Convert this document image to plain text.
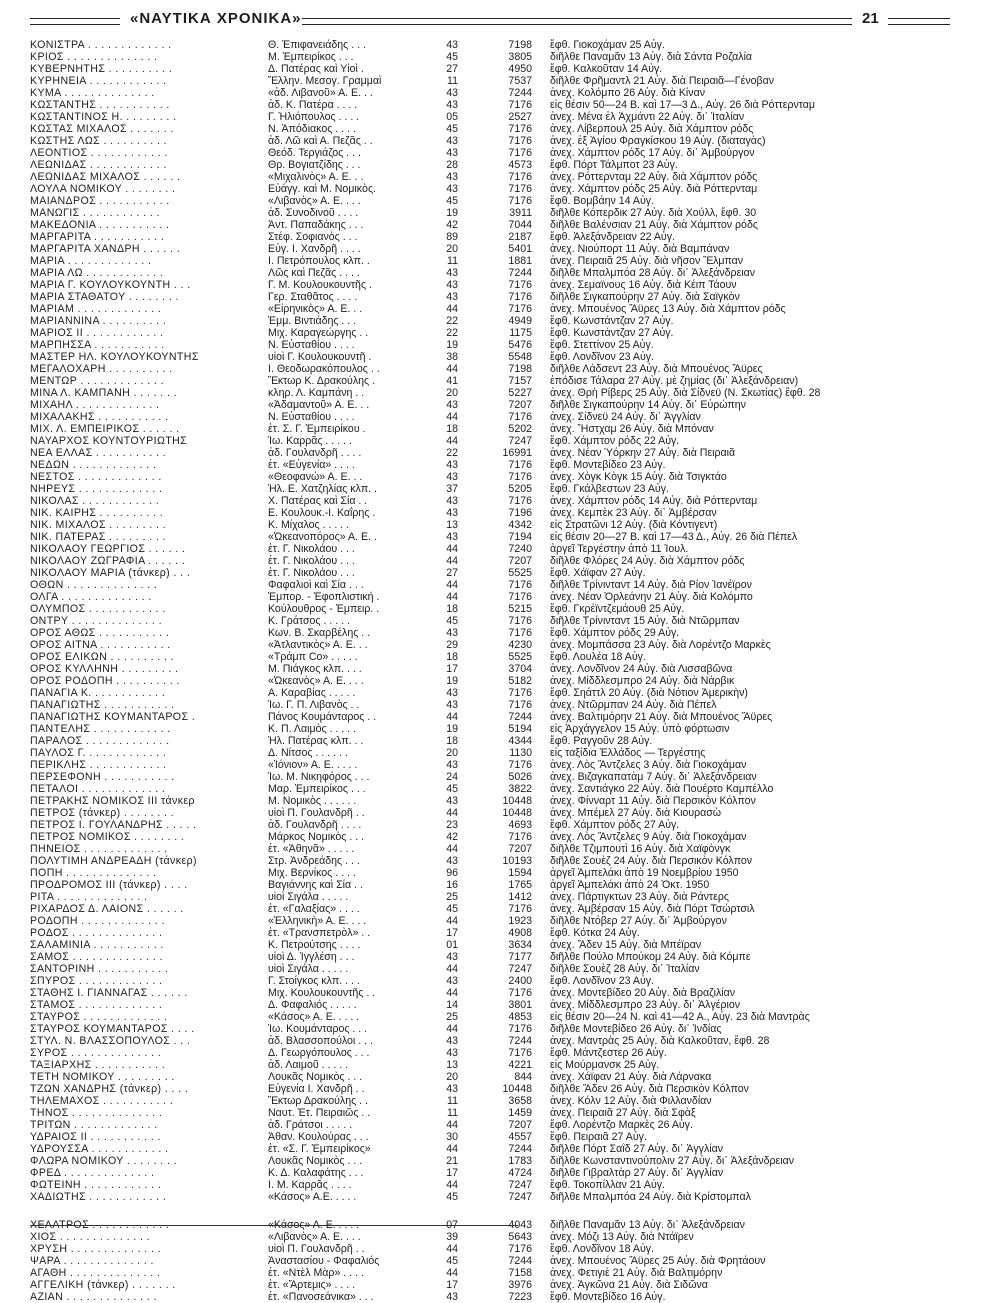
«ΝΑΥΤΙΚΑ ΧΡΟΝΙΚΑ»	21
ΚΟΝΙΣΤΡΑ . . . . . . . . . . . . .	Θ. Ἐπιφανειάδης . . .	43	7198 ἔφθ. Γιοκοχάμαν 25 Αὐγ.
ΚΡΙΟΣ . . . . . . . . . . . . . .	Μ. Ἐμπειρίκος . . .	45	3805 διῆλθε Παναμᾶν 13 Αὐγ. διὰ Σάντα Ροζαλία
ΚΥΒΕΡΝΗΤΗΣ . . . . . . . . . .	Δ. Πατέρας καὶ Υἱοὶ .	27	4950 ἔφθ. Καλκοῦταν 14 Αὐγ.
ΚΥΡΗΝΕΙΑ . . . . . . . . . . . .	Ἕλλην. Μεσογ. Γραμμαὶ	11	7537 διῆλθε Φρῆμαντλ 21 Αὐγ. διὰ Πειραιᾶ—Γένοβαν
ΚΥΜΑ . . . . . . . . . . . . . .	«ἀδ. Λιβανοῦ» Α. Ε. . .	43	7244 ἀνεχ. Κολόμπο 26 Αὐγ. διὰ Κίναν
ΚΩΣΤΑΝΤΗΣ . . . . . . . . . . .	ἀδ. Κ. Πατέρα . . . .	43	7176 εἰς θέσιν 50—24 Β. καὶ 17—3 Δ., Αὐγ. 26 διὰ Ρόττερνταμ
ΚΩΣΤΑΝΤΙΝΟΣ Η. . . . . . . . .	Γ. Ἡλιόπουλος . . . .	05	2527 ἀνεχ. Μένα ἐλ Ἀχμάντι 22 Αὐγ. δι᾽ Ἰταλίαν
ΚΩΣΤΑΣ ΜΙΧΑΛΟΣ . . . . . . .	Ν. Ἀπόδιακος . . . .	45	7176 ἀνεχ. Λίβερπουλ 25 Αὐγ. διὰ Χάμπτον ρόδς
ΚΩΣΤΗΣ ΛΩΣ . . . . . . . . . .	ἀδ. Λῶ καὶ Α. Πεζᾶς . .	43	7176 ἀνεχ. ἐξ Ἁγίου Φραγκίσκου 19 Αὐγ. (διαταγὰς)
ΛΕΟΝΤΙΟΣ . . . . . . . . . . . .	Θεόδ. Τεργιάζος . . .	43	7176 ἀνεχ. Χάμπτον ρόδς 17 Αὐγ. δι᾽ Ἀμβούργον
ΛΕΩΝΙΔΑΣ . . . . . . . . . . . .	Θρ. Βογιατζίδης . . .	28	4573 ἔφθ. Πόρτ Τάλμποτ 23 Αὐγ.
ΛΕΩΝΙΔΑΣ ΜΙΧΑΛΟΣ . . . . . .	«Μιχαλινὸς» Α. Ε. . .	43	7176 ἀνεχ. Ρόττερνταμ 22 Αὐγ. διὰ Χάμπτον ρόδς
ΛΟΥΛΑ ΝΟΜΙΚΟΥ . . . . . . . .	Εὐάγγ. καὶ Μ. Νομικὸς.	43	7176 ἀνεχ. Χάμπτον ρόδς 25 Αὐγ. διὰ Ρόττερνταμ
ΜΑΙΑΝΔΡΟΣ . . . . . . . . . . .	«Λιβανὸς» Α. Ε. . . .	45	7176 ἔφθ. Βομβάην 14 Αὐγ.
ΜΑΝΩΓΙΣ . . . . . . . . . . . .	ἀδ. Συνοδινοῦ . . . .	19	3911 διῆλθε Κόπερδικ 27 Αὐγ. διὰ Χούλλ, ἔφθ. 30
ΜΑΚΕΔΟΝΙΑ . . . . . . . . . . .	Ἀντ. Παπαδάκης . . .	42	7044 διῆλθε Βαλένσιαν 21 Αὐγ. διὰ Χάμπτον ρόδς
ΜΑΡΓΑΡΙΤΑ . . . . . . . . . . .	Στέφ. Σοφιανὸς . . .	89	2187 ἔφθ. Ἀλεξάνδρειαν 22 Αὐγ.
ΜΑΡΓΑΡΙΤΑ ΧΑΝΔΡΗ . . . . . .	Εὐγ. Ι. Χανδρῆ . . . .	20	5401 ἀνεχ. Νιούπορτ 11 Αὐγ. διὰ Βαμπάναν
ΜΑΡΙΑ . . . . . . . . . . . . .	Ι. Πετρόπουλος κλπ. .	11	1881 ἀνεχ. Πειραιᾶ 25 Αὐγ. διὰ νῆσον Ἔλμπαν
ΜΑΡΙΑ ΛΩ . . . . . . . . . . . .	Λῶς καὶ Πεζᾶς . . . .	43	7244 διῆλθε Μπαλμπόα 28 Αὐγ. δι᾽ Ἀλεξάνδρειαν
ΜΑΡΙΑ Γ. ΚΟΥΛΟΥΚΟΥΝΤΗ . . .	Γ. Μ. Κουλουκουντῆς .	43	7176 ἀνεχ. Σεμαϊνους 16 Αὐγ. διὰ Κέιπ Τάουν
ΜΑΡΙΑ ΣΤΑΘΑΤΟΥ . . . . . . . .	Γερ. Σταθᾶτος . . . .	43	7176 διῆλθε Σιγκαπούρην 27 Αὐγ. διὰ Σαϊγκὸν
ΜΑΡΙΑΜ . . . . . . . . . . . . .	«Εἰρηνικὸς» Α. Ε. . .	44	7176 ἀνεχ. Μπουένος Ἄϋρες 13 Αὐγ. διὰ Χάμπτον ρόδς
ΜΑΡΙΑΝΝΙΝΑ . . . . . . . . . .	Ἐμμ. Βιντιάδης . . .	22	4949 ἔφθ. Κωνστάντζαν 27 Αὐγ.
ΜΑΡΙΟΣ ΙΙ . . . . . . . . . . . .	Μιχ. Καραγεώργης . .	22	1175 ἔφθ. Κωνστάντζαν 27 Αὐγ.
ΜΑΡΠΗΣΣΑ . . . . . . . . . . .	Ν. Εὐσταθίου . . . .	19	5476 ἔφθ. Στεττίνον 25 Αὐγ.
ΜΑΣΤΕΡ ΗΛ. ΚΟΥΛΟΥΚΟΥΝΤΗΣ	υἱοὶ Γ. Κουλουκουντῆ .	38	5548 ἔφθ. Λονδῖνον 23 Αὐγ.
ΜΕΓΑΛΟΧΑΡΗ . . . . . . . . . .	Ι. Θεοδωρακόπουλος . .	44	7198 διῆλθε Λάδσεντ 23 Αὐγ. διὰ Μπουένος Ἄϋρες
ΜΕΝΤΩΡ . . . . . . . . . . . . .	Ἕκτωρ Κ. Δρακούλης .	41	7157 ἐπόδισε Τάλαρα 27 Αὐγ. μὲ ζημίας (δι᾽ Ἀλεξάνδρειαν)
ΜΙΝΑ Λ. ΚΑΜΠΑΝΗ . . . . . . .	κληρ. Λ. Καμπάνη . .	20	5227 ἀνεχ. Θρὴ Ρίβερς 25 Αὐγ. διὰ Σίδνεϋ (Ν. Σκωτίας) ἔφθ. 28
ΜΙΧΑΗΛ . . . . . . . . . . . . .	«Ἀδαμαντοῦ» Α. Ε. . .	43	7207 διῆλθε Σιγκαπούρην 14 Αὐγ. δι᾽ Εὐρώπην
ΜΙΧΑΛΑΚΗΣ . . . . . . . . . . .	Ν. Εὐσταθίου . . . .	44	7176 ἀνεχ. Σίδνεϋ 24 Αὐγ. δι᾽ Ἀγγλίαν
ΜΙΧ. Λ. ΕΜΠΕΙΡΙΚΟΣ . . . . . .	ἐτ. Σ. Γ. Ἐμπειρίκου .	18	5202 ἀνεχ. Ἥστχαμ 26 Αὐγ. διὰ Μπόναν
ΝΑΥΑΡΧΟΣ ΚΟΥΝΤΟΥΡΙΩΤΗΣ	Ἰω. Καρρᾶς . . . . .	44	7247 ἔφθ. Χάμπτον ρόδς 22 Αὐγ.
ΝΕΑ ΕΛΛΑΣ . . . . . . . . . . .	ἀδ. Γουλανδρῆ . . . .	22	16991 ἀνεχ. Νέαν Ὑόρκην 27 Αὐγ. διὰ Πειραιᾶ
ΝΕΔΩΝ . . . . . . . . . . . . .	ἐτ. «Εὐγενία» . . . .	43	7176 ἔφθ. Μοντεβίδεο 23 Αὐγ.
ΝΕΣΤΟΣ . . . . . . . . . . . . .	«Θεοφανώ» Α. Ε. . .	43	7176 ἀνεχ. Χὸγκ Κὸγκ 15 Αὐγ. διὰ Τσιγκτάο
ΝΗΡΕΥΣ . . . . . . . . . . . . .	Ἠλ. Ε. Χατζηλίας κλπ. .	37	5205 ἔφθ. Γκάλβεστων 23 Αὐγ.
ΝΙΚΟΛΑΣ . . . . . . . . . . . .	Χ. Πατέρας καὶ Σία . .	43	7176 ἀνεχ. Χάμπτον ρόδς 14 Αὐγ. διὰ Ρόττερνταμ
ΝΙΚ. ΚΑΙΡΗΣ . . . . . . . . . .	Ε. Κουλουκ.-Ι. Καΐρης .	43	7196 ἀνεχ. Κεμπὲκ 23 Αὐγ. δι᾽ Ἀμβέρσαν
ΝΙΚ. ΜΙΧΑΛΟΣ . . . . . . . . .	Κ. Μίχαλος . . . . .	13	4342 εἰς Στρατῶνι 12 Αὐγ. (διὰ Κόντιγεντ)
ΝΙΚ. ΠΑΤΕΡΑΣ . . . . . . . . .	«Ὠκεανοπόρος» Α. Ε. .	43	7194 εἰς θέσιν 20—27 Β. καὶ 17—43 Δ., Αὐγ. 26 διὰ Πέπελ
ΝΙΚΟΛΑΟΥ ΓΕΩΡΓΙΟΣ . . . . . .	ἐτ. Γ. Νικολάου . . .	44	7240 ἀργεῖ Τεργέστην ἀπὸ 11 Ἰουλ.
ΝΙΚΟΛΑΟΥ ΖΩΓΡΑΦΙΑ . . . . . .	ἐτ. Γ. Νικολάου . . .	44	7207 διῆλθε Φλόρες 24 Αὐγ. διὰ Χάμπτον ρόδς
ΝΙΚΟΛΑΟΥ ΜΑΡΙΑ (τάνκερ) . . .	ἐτ. Γ. Νικολάου . . .	27	5525 ἔφθ. Χάϊφαν 27 Αὐγ.
ΟΘΩΝ . . . . . . . . . . . . . .	Φαφαλιοὶ καὶ Σία . . .	44	7176 διῆλθε Τρίνινταντ 14 Αὐγ. διὰ Ρίον Ἰανέϊρον
ΟΛΓΑ . . . . . . . . . . . . . .	Ἐμπορ. - Ἐφοπλιστική .	44	7176 ἀνεχ. Νέαν Ὀρλεάνην 21 Αὐγ. διὰ Κολόμπο
ΟΛΥΜΠΟΣ . . . . . . . . . . . .	Κούλουθρος - Ἐμπειρ. .	18	5215 ἔφθ. Γκρέϊντζεμάουθ 25 Αὐγ.
ΟΝΤΡΥ . . . . . . . . . . . . . .	Κ. Γράτσος . . . . .	45	7176 διῆλθε Τρίνινταντ 15 Αὐγ. διὰ Ντῶρμπαν
ΟΡΟΣ ΑΘΩΣ . . . . . . . . . . .	Κων. Β. Σκαρβέλης . .	43	7176 ἔφθ. Χάμπτον ρόδς 29 Αὐγ.
ΟΡΟΣ ΑΙΤΝΑ . . . . . . . . . . .	«Ἀτλαντικὸς» Α. Ε. . .	29	4230 ἀνεχ. Μομπάσσα 23 Αὐγ. διὰ Λορέντζο Μαρκὲς
ΟΡΟΣ ΕΛΙΚΩΝ . . . . . . . . . .	«Τράμπ Co» . . . . .	18	5525 ἔφθ. Λουλέα 18 Αὐγ.
ΟΡΟΣ ΚΥΛΛΗΝΗ . . . . . . . . .	Μ. Πιάγκος κλπ. . . .	17	3704 ἀνεχ. Λονδῖνον 24 Αὐγ. διὰ Λισσαβῶνα
ΟΡΟΣ ΡΟΔΟΠΗ . . . . . . . . . .	«Ὠκεανὸς» Α. Ε. . . .	19	5182 ἀνεχ. Μίδδλεσμπρο 24 Αὐγ. διὰ Νάρβικ
ΠΑΝΑΓΙΑ Κ. . . . . . . . . . . .	Α. Καραβίας . . . . .	43	7176 ἔφθ. Σηάττλ 20 Αὐγ. (διὰ Νότιον Ἀμερικὴν)
ΠΑΝΑΓΙΩΤΗΣ . . . . . . . . . . .	Ἰω. Γ. Π. Λιβανὸς . .	43	7176 ἀνεχ. Ντῶρμπαν 24 Αὐγ. διὰ Πέπελ
ΠΑΝΑΓΙΩΤΗΣ ΚΟΥΜΑΝΤΑΡΟΣ .	Πάνος Κουμάνταρος . .	44	7244 ἀνεχ. Βαλτιμόρην 21 Αὐγ. διὰ Μπουένος Ἄϋρες
ΠΑΝΤΕΛΗΣ . . . . . . . . . . . .	Κ. Π. Λαιμὸς . . . . .	19	5194 εἰς Ἀρχάγγελον 15 Αὐγ. ὑπὸ φόρτωσιν
ΠΑΡΑΛΟΣ . . . . . . . . . . . . .	Ἠλ. Πατέρας κλπ. . .	18	4344 ἔφθ. Ραγγοῦν 28 Αὐγ.
ΠΑΥΛΟΣ Γ. . . . . . . . . . . . .	Δ. Νίτσος . . . . . .	20	1130 εἰς ταξίδια Ἑλλάδος — Τεργέστης
ΠΕΡΙΚΛΗΣ . . . . . . . . . . . .	«Ἰόνιον» Α. Ε. . . . .	43	7176 ἀνεχ. Λὸς Ἄντζελες 3 Αὐγ. διὰ Γιοκοχάμαν
ΠΕΡΣΕΦΟΝΗ . . . . . . . . . . .	Ἰω. Μ. Νικηφόρος . . .	24	5026 ἀνεχ. Βιζαγκαπατὰμ 7 Αὐγ. δι᾽ Ἀλεξάνδρειαν
ΠΕΤΑΛΟΙ . . . . . . . . . . . . .	Μαρ. Ἐμπειρίκος . . .	45	3822 ἀνεχ. Σαντιάγκο 22 Αὐγ. διὰ Πουέρτο Καμπέλλο
ΠΕΤΡΑΚΗΣ ΝΟΜΙΚΟΣ ΙΙΙ τάνκερ	Μ. Νομικὸς . . . . . .	43	10448 ἀνεχ. Φίνναρτ 11 Αὐγ. διὰ Περσικὸν Κόλπον
ΠΕΤΡΟΣ (τάνκερ) . . . . . . . .	υἱοὶ Π. Γουλανδρῆ . .	44	10448 ἀνεχ. Μπέμελ 27 Αὐγ. διὰ Κιουρασὼ
ΠΕΤΡΟΣ Ι. ΓΟΥΛΑΝΔΡΗΣ . . . . .	ἀδ. Γουλανδρῆ . . . .	23	4693 ἔφθ. Χάμπτον ρόδς 27 Αὐγ.
ΠΕΤΡΟΣ ΝΟΜΙΚΟΣ . . . . . . . .	Μάρκος Νομικὸς . . .	42	7176 ἀνεχ. Λὸς Ἄντζελες 9 Αὐγ. διὰ Γιοκοχάμαν
ΠΗΝΕΙΟΣ . . . . . . . . . . . . .	ἐτ. «Ἀθηνᾶ» . . . . .	44	7207 διῆλθε Τζιμπουτὶ 16 Αὐγ. διὰ Χαϊφὸνγκ
ΠΟΛΥΤΙΜΗ ΑΝΔΡΕΑΔΗ (τάνκερ)	Στρ. Ἀνδρεάδης . . .	43	10193 διῆλθε Σουὲζ 24 Αὐγ. διὰ Περσικὸν Κόλπον
ΠΟΠΗ . . . . . . . . . . . . . .	Μιχ. Βερνίκος . . . .	96	1594 ἀργεῖ Ἀμπελάκι ἀπὸ 19 Νοεμβρίου 1950
ΠΡΟΔΡΟΜΟΣ ΙΙΙ (τάνκερ) . . . .	Βαγιάννης καὶ Σία . .	16	1765 ἀργεῖ Ἀμπελάκι ἀπὸ 24 Ὀκτ. 1950
ΡΙΤΑ . . . . . . . . . . . . . .	υἱοὶ Σιγάλα . . . . .	25	1412 ἀνεχ. Πάρτιγκτων 23 Αὐγ. διὰ Ράντερς
ΡΙΧΑΡΔΟΣ Δ. ΛΑΙΟΝΣ . . . . . .	ἐτ. «Γαλαξίας» . . . .	45	7176 ἀνεχ. Ἀμβέρσαν 15 Αὐγ. διὰ Πόρτ Τσώρτσιλ
ΡΟΔΟΠΗ . . . . . . . . . . . . .	«Ἑλληνικὴ» Α. Ε. . . .	44	1923 διῆλθε Ντόβερ 27 Αὐγ. δι᾽ Ἀμβούργον
ΡΟΔΟΣ . . . . . . . . . . . . . .	ἐτ. «Τρανσπετρὸλ» . .	17	4908 ἔφθ. Κότκα 24 Αὐγ.
ΣΑΛΑΜΙΝΙΑ . . . . . . . . . . .	Κ. Πετρούτσης . . . .	01	3634 ἀνεχ. Ἄδεν 15 Αὐγ. διὰ Μπέϊραν
ΣΑΜΟΣ . . . . . . . . . . . . . .	υἱοὶ Δ. Ἰγγλέση . . .	43	7177 διῆλθε Πούλο Μπούκομ 24 Αὐγ. διὰ Κόμπε
ΣΑΝΤΟΡΙΝΗ . . . . . . . . . . .	υἱοὶ Σιγάλα . . . . .	44	7247 διῆλθε Σουὲζ 28 Αὐγ. δι᾽ Ἰταλίαν
ΣΠΥΡΟΣ . . . . . . . . . . . . .	Γ. Στοίγκος κλπ. . . .	43	2400 ἔφθ. Λονδῖνον 23 Αὐγ.
ΣΤΑΘΗΣ Ι. ΓΙΑΝΝΑΓΑΣ . . . . . .	Μιχ. Κουλουκουντῆς . .	44	7176 ἀνεχ. Μοντεβίδεο 20 Αὐγ. διὰ Βραζιλίαν
ΣΤΑΜΟΣ . . . . . . . . . . . . .	Δ. Φαφαλιός . . . . .	14	3801 ἀνεχ. Μίδδλεσμπρο 23 Αὐγ. δι᾽ Ἀλγέριον
ΣΤΑΥΡΟΣ . . . . . . . . . . . . .	«Κάσος» Α. Ε. . . . .	25	4853 εἰς θέσιν 20—24 Ν. καὶ 41—42 Α., Αὐγ. 23 διὰ Μαντρὰς
ΣΤΑΥΡΟΣ ΚΟΥΜΑΝΤΑΡΟΣ . . . .	Ἰω. Κουμάνταρος . . .	44	7176 διῆλθε Μοντεβίδεο 26 Αὐγ. δι᾽ Ἰνδίας
ΣΤΥΛ. Ν. ΒΛΑΣΣΟΠΟΥΛΟΣ . . .	ἀδ. Βλασσοπούλοι . . .	43	7244 ἀνεχ. Μαντρὰς 25 Αὐγ. διὰ Καλκοῦταν, ἔφθ. 28
ΣΥΡΟΣ . . . . . . . . . . . . . .	Δ. Γεωργόπουλος . . .	43	7176 ἔφθ. Μάντζεστερ 26 Αὐγ.
ΤΑΞΙΑΡΧΗΣ . . . . . . . . . . .	ἀδ. Λαιμοῦ . . . . .	13	4221 εἰς Μούρμανσκ 25 Αὐγ.
ΤΕΤΗ ΝΟΜΙΚΟΥ . . . . . . . . .	Λουκᾶς Νομικὸς . . .	20	844 ἀνεχ. Χάϊφαν 21 Αὐγ. διὰ Λάρνακα
ΤΖΩΝ ΧΑΝΔΡΗΣ (τάνκερ) . . . .	Εὐγενία Ι. Χανδρῆ . .	43	10448 διῆλθε Ἄδεν 26 Αὐγ. διὰ Περσικὸν Κόλπον
ΤΗΛΕΜΑΧΟΣ . . . . . . . . . . .	Ἕκτωρ Δρακούλης . .	11	3658 ἀνεχ. Κόλν 12 Αὐγ. διὰ Φιλλανδίαν
ΤΗΝΟΣ . . . . . . . . . . . . . .	Ναυτ. Ἑτ. Πειραιῶς . .	11	1459 ἀνεχ. Πειραιᾶ 27 Αὐγ. διὰ Σφὰξ
ΤΡΙΤΩΝ . . . . . . . . . . . . .	ἀδ. Γράτσοι . . . . .	44	7207 ἔφθ. Λορέντζο Μαρκὲς 26 Αὐγ.
ΥΔΡΑΙΟΣ ΙΙ . . . . . . . . . . .	Ἀθαν. Κουλούρας . . .	30	4557 ἔφθ. Πειραιᾶ 27 Αὐγ.
ΥΔΡΟΥΣΣΑ . . . . . . . . . . . .	ἐτ. «Σ. Γ. Ἐμπειρίκος»	44	7244 διῆλθε Πόρτ Σαῒδ 27 Αὐγ. δι᾽ Ἀγγλίαν
ΦΛΩΡΑ ΝΟΜΙΚΟΥ . . . . . . . .	Λουκᾶς Νομικὸς . . .	21	1783 διῆλθε Κωνσταντινούπολιν 27 Αὐγ. δι᾽ Ἀλεξάνδρειαν
ΦΡΕΔ . . . . . . . . . . . . . .	Κ. Δ. Καλαφάτης . . .	17	4724 διῆλθε Γιβραλτὰρ 27 Αὐγ. δι᾽ Ἀγγλίαν
ΦΩΤΕΙΝΗ . . . . . . . . . . . .	Ι. Μ. Καρρᾶς . . . .	44	7247 ἔφθ. Τοκοπίλλαν 21 Αὐγ.
ΧΑΔΙΩΤΗΣ . . . . . . . . . . . .	«Κάσος» Α.Ε. . . . .	45	7247 διῆλθε Μπαλμπόα 24 Αὐγ. διὰ Κρίστομπαλ
ΧΕΛΑΤΡΟΣ . . . . . . . . . . . .	«Κάσος» Α. Ε. . . . .	07	4043 διῆλθε Παναμᾶν 13 Αὐγ. δι᾽ Ἀλεξάνδρειαν
ΧΙΟΣ . . . . . . . . . . . . . .	«Λιβανὸς» Α. Ε. . . .	39	5643 ἀνεχ. Μόζι 13 Αὐγ. διὰ Ντάϊρεν
ΧΡΥΣΗ . . . . . . . . . . . . . .	υἱοὶ Π. Γουλανδρῆ . .	44	7176 ἔφθ. Λονδῖνον 18 Αὐγ.
ΨΑΡΑ . . . . . . . . . . . . . .	Ἀναστασίου - Φαφαλιός	45	7244 ἀνεχ. Μπουένος Ἄϋρες 25 Αὐγ. διὰ Φρητάουν
ΑΓΑΘΗ . . . . . . . . . . . . . .	ἐτ. «Ντὲλ Μὰρ» . . . .	44	7158 ἀνεχ. Φετιγιὲ 21 Αὐγ. διὰ Βαλτιμόρην
ΑΓΓΕΛΙΚΗ (τάνκερ) . . . . . . .	ἐτ. «Ἄρτεμις» . . . .	17	3976 ἀνεχ. Ἀγκῶνα 21 Αὐγ. διὰ Σιδῶνα
ΑΖΙΑΝ . . . . . . . . . . . . . .	ἐτ. «Πανοσεάνικα» . . .	43	7223 ἔφθ. Μοντεβίδεο 16 Αὐγ.
